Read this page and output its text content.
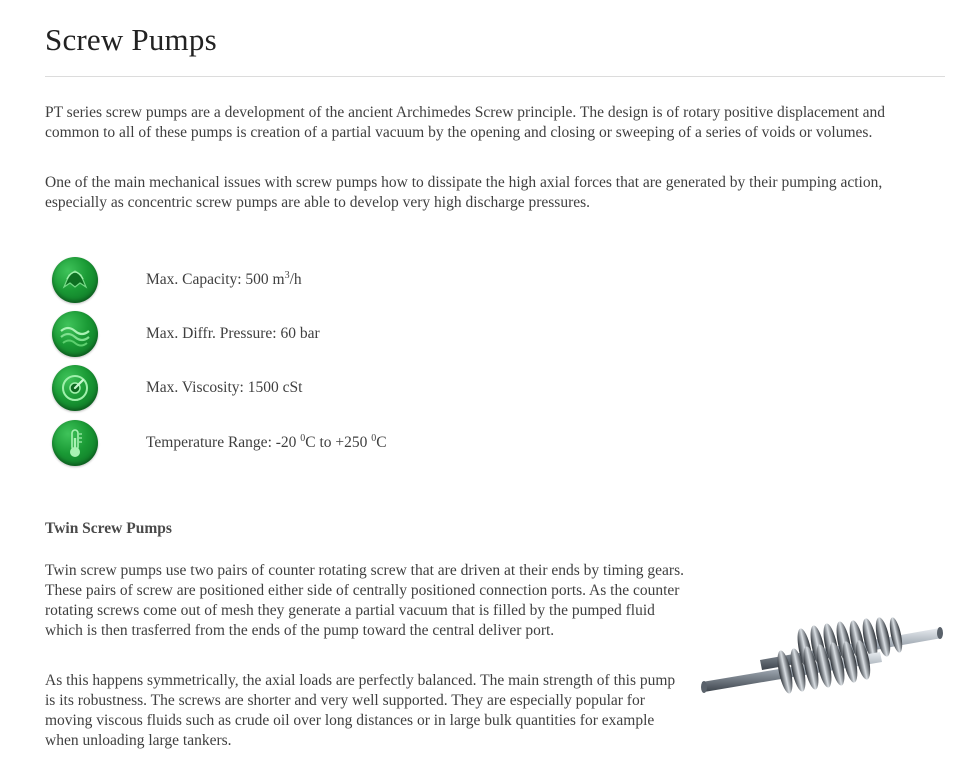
Screw Pumps

PT series screw pumps are a development of the ancient Archimedes Screw principle. The design is of rotary positive displacement and common to all of these pumps is creation of a partial vacuum by the opening and closing or sweeping of a series of voids or volumes.

One of the main mechanical issues with screw pumps how to dissipate the high axial forces that are generated by their pumping action, especially as concentric screw pumps are able to develop very high discharge pressures.

Max. Capacity: 500 $m^3/h$
Max. Diffr. Pressure: 60 bar
Max. Viscosity: 1500 cSt
Temperature Range: -20 $^0$C to +250 $^0$C
Twin Screw Pumps

Twin screw pumps use two pairs of counter rotating screw that are driven at their ends by timing gears. These pairs of screw are positioned either side of centrally positioned connection ports. As the counter rotating screws come out of mesh they generate a partial vacuum that is filled by the pumped fluid which is then trasferred from the ends of the pump toward the central deliver port.

As this happens symmetrically, the axial loads are perfectly balanced. The main strength of this pump is its robustness. The screws are shorter and very well supported. They are especially popular for moving viscous fluids such as crude oil over long distances or in large bulk quantities for example when unloading large tankers.
